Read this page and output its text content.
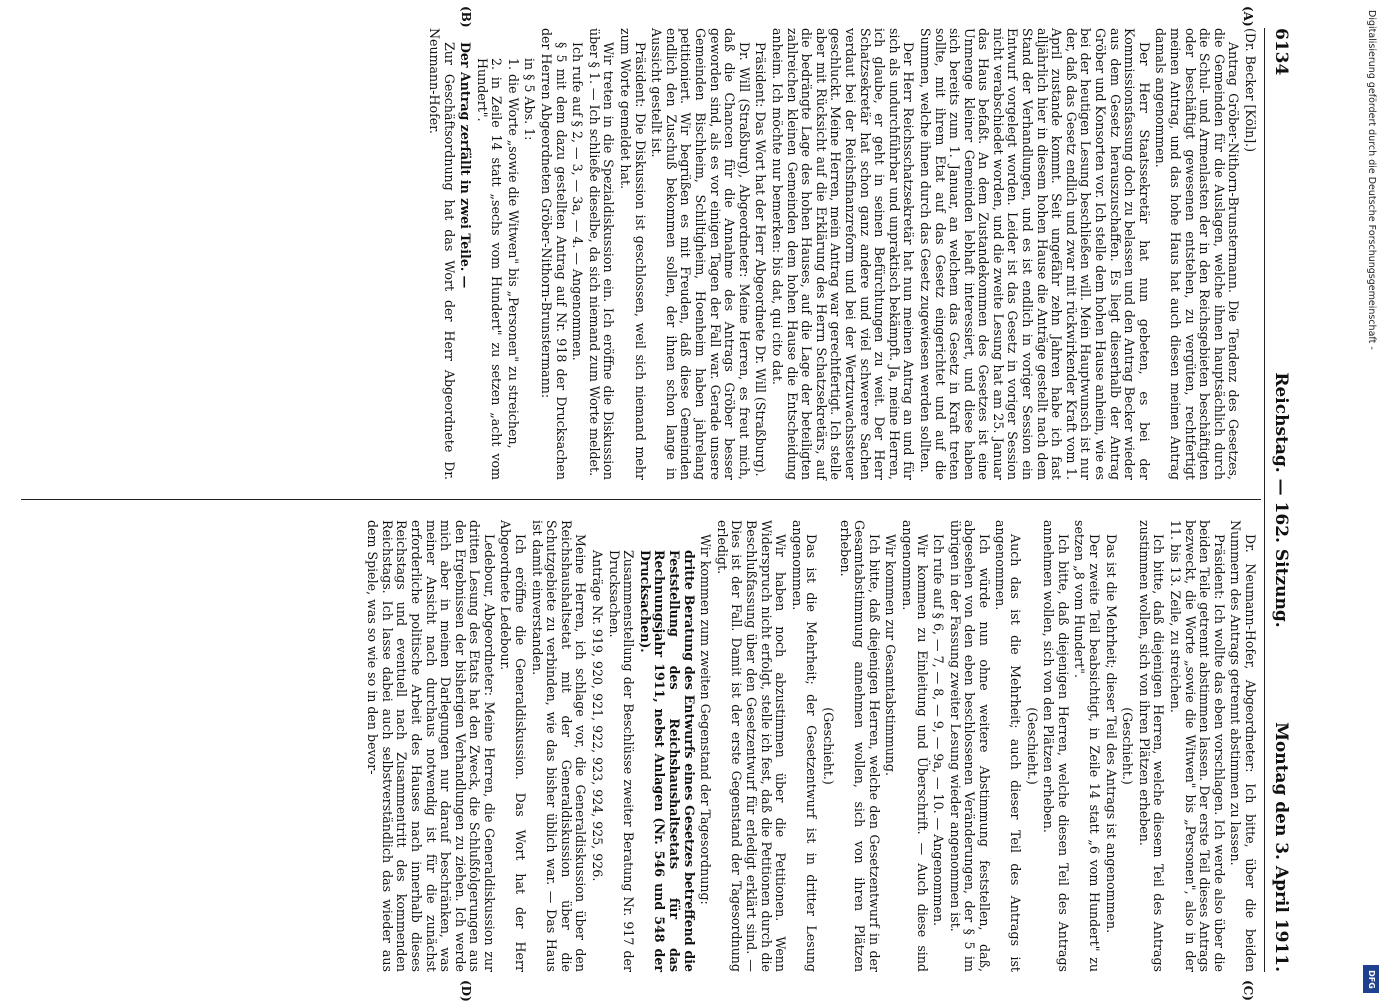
6134
Reichstag. — 162. Sitzung.
Montag den 3. April 1911.
(A)
(B)
(C)
(D)

(Dr. Becker [Köln].)

Antrag Gröber-Nithorn-Brunstermann. Die Tendenz des Gesetzes, die Gemeinden für die Auslagen, welche ihnen hauptsächlich durch die Schul- und Armenlasten der in den Reichsgebieten beschäftigten oder beschäftigt gewesenen entstehen, zu vergüten, rechtfertigt meinen Antrag, und das hohe Haus hat auch diesen meinen Antrag damals angenommen.

Der Herr Staatssekretär hat nun gebeten, es bei der Kommissionsfassung doch zu belassen und den Antrag Becker wieder aus dem Gesetz herauszuschaffen. Es liegt dieserhalb der Antrag Gröber und Konsorten vor. Ich stelle dem hohen Hause anheim, wie es bei der heutigen Lesung beschließen will. Mein Hauptwunsch ist nur der, daß das Gesetz endlich und zwar mit rückwirkender Kraft vom 1. April zustande kommt. Seit ungefähr zehn Jahren habe ich fast alljährlich hier in diesem hohen Hause die Anträge gestellt nach dem Stand der Verhandlungen, und es ist endlich in voriger Session ein Entwurf vorgelegt worden. Leider ist das Gesetz in voriger Session nicht verabschiedet worden, und die zweite Lesung hat am 25. Januar das Haus befaßt. An dem Zustandekommen des Gesetzes ist eine Unmenge kleiner Gemeinden lebhaft interessiert, und diese haben sich bereits zum 1. Januar, an welchem das Gesetz in Kraft treten sollte, mit ihrem Etat auf das Gesetz eingerichtet und auf die Summen, welche ihnen durch das Gesetz zugewiesen werden sollten.

Der Herr Reichsschatzsekretär hat nun meinen Antrag an und für sich als undurchführbar und unpraktisch bekämpft. Ja, meine Herren, ich glaube, er geht in seinen Befürchtungen zu weit. Der Herr Schatzsekretär hat schon ganz andere und viel schwerere Sachen verdaut bei der Reichsfinanzreform und bei der Wertzuwachssteuer geschluckt. Meine Herren, mein Antrag war gerechtfertigt. Ich stelle aber mit Rücksicht auf die Erklärung des Herrn Schatzsekretärs, auf die bedrängte Lage des hohen Hauses, auf die Lage der beteiligten zahlreichen kleinen Gemeinden dem hohen Hause die Entscheidung anheim. Ich möchte nur bemerken: bis dat, qui cito dat.

Präsident: Das Wort hat der Herr Abgeordnete Dr. Will (Straßburg).

Dr. Will (Straßburg), Abgeordneter: Meine Herren, es freut mich, daß die Chancen für die Annahme des Antrags Gröber besser geworden sind, als es vor einigen Tagen der Fall war. Gerade unsere Gemeinden Bischheim, Schiltigheim, Hoenheim haben jahrelang petitioniert. Wir begrüßen es mit Freuden, daß diese Gemeinden endlich den Zuschuß bekommen sollen, der ihnen schon lange in Aussicht gestellt ist.

Präsident: Die Diskussion ist geschlossen, weil sich niemand mehr zum Worte gemeldet hat.

Wir treten in die Spezialdiskussion ein. Ich eröffne die Diskussion über § 1. — Ich schließe dieselbe, da sich niemand zum Worte meldet.

Ich rufe auf § 2, — 3, — 3a, — 4. — Angenommen.

§ 5 mit dem dazu gestellten Antrag auf Nr. 918 der Drucksachen der Herren Abgeordneten Gröber-Nithorn-Brunstermann:

in § 5 Abs. 1:

1. die Worte „sowie die Witwen" bis „Personen" zu streichen,

2. in Zeile 14 statt „sechs vom Hundert" zu setzen „acht vom Hundert".

Der Antrag zerfällt in zwei Teile. —

Zur Geschäftsordnung hat das Wort der Herr Abgeordnete Dr. Neumann-Hofer.

Dr. Neumann-Hofer, Abgeordneter: Ich bitte, über die beiden Nummern des Antrags getrennt abstimmen zu lassen.

Präsident: Ich wollte das eben vorschlagen. Ich werde also über die beiden Teile getrennt abstimmen lassen. Der erste Teil dieses Antrags bezweckt, die Worte „sowie die Witwen" bis „Personen", also in der 11. bis 13. Zeile, zu streichen.

Ich bitte, daß diejenigen Herren, welche diesem Teil des Antrags zustimmen wollen, sich von ihren Plätzen erheben.

(Geschieht.)

Das ist die Mehrheit; dieser Teil des Antrags ist angenommen.

Der zweite Teil beabsichtigt, in Zeile 14 statt „6 vom Hundert" zu setzen „8 vom Hundert".

Ich bitte, daß diejenigen Herren, welche diesen Teil des Antrags annehmen wollen, sich von den Plätzen erheben.

(Geschieht.)

Auch das ist die Mehrheit; auch dieser Teil des Antrags ist angenommen.

Ich würde nun ohne weitere Abstimmung feststellen, daß, abgesehen von den eben beschlossenen Veränderungen, der § 5 im übrigen in der Fassung zweiter Lesung wieder angenommen ist.

Ich rufe auf § 6, — 7, — 8, — 9, — 9a, — 10. — Angenommen.

Wir kommen zu Einleitung und Überschrift. — Auch diese sind angenommen.

Wir kommen zur Gesamtabstimmung.

Ich bitte, daß diejenigen Herren, welche den Gesetzentwurf in der Gesamtabstimmung annehmen wollen, sich von ihren Plätzen erheben.

(Geschieht.)

Das ist die Mehrheit; der Gesetzentwurf ist in dritter Lesung angenommen.

Wir haben noch abzustimmen über die Petitionen. Wenn Widerspruch nicht erfolgt, stelle ich fest, daß die Petitionen durch die Beschlußfassung über den Gesetzentwurf für erledigt erklärt sind. — Dies ist der Fall. Damit ist der erste Gegenstand der Tagesordnung erledigt.

Wir kommen zum zweiten Gegenstand der Tagesordnung:

dritte Beratung des Entwurfs eines Gesetzes betreffend die Feststellung des Reichshaushaltsetats für das Rechnungsjahr 1911, nebst Anlagen (Nr. 546 und 548 der Drucksachen).

Zusammenstellung der Beschlüsse zweiter Beratung Nr. 917 der Drucksachen.

Anträge Nr. 919, 920, 921, 922, 923, 924, 925, 926.

Meine Herren, ich schlage vor, die Generaldiskussion über den Reichshaushaltsetat mit der Generaldiskussion über die Schutzgebiete zu verbinden, wie das bisher üblich war. — Das Haus ist damit einverstanden.

Ich eröffne die Generaldiskussion. Das Wort hat der Herr Abgeordnete Ledebour.

Ledebour, Abgeordneter: Meine Herren, die Generaldiskussion zur dritten Lesung des Etats hat den Zweck, die Schlußfolgerungen aus den Ergebnissen der bisherigen Verhandlungen zu ziehen. Ich werde mich aber in meinen Darlegungen nur darauf beschränken, was meiner Ansicht nach durchaus notwendig ist für die zunächst erforderliche politische Arbeit des Hauses nach innerhalb dieses Reichstags und eventuell nach Zusammentritt des kommenden Reichstags. Ich lasse dabei auch selbstverständlich das wieder aus dem Spiele, was so wie so in den bevor-

Digitalisierung gefördert durch die Deutsche Forschungsgemeinschaft -
DFG
